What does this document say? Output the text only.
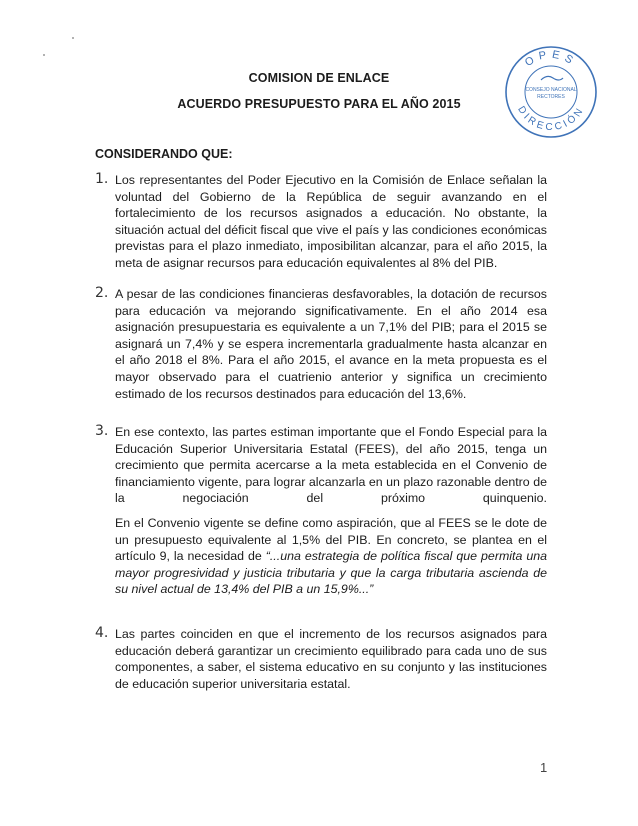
OPES
DIRECCIÓN
CONSEJO NACIONAL
RECTORES
COMISION DE ENLACE
ACUERDO PRESUPUESTO PARA EL AÑO 2015
CONSIDERANDO QUE:
1. Los representantes del Poder Ejecutivo en la Comisión de Enlace señalan la voluntad del Gobierno de la República de seguir avanzando en el fortalecimiento de los recursos asignados a educación. No obstante, la situación actual del déficit fiscal que vive el país y las condiciones económicas previstas para el plazo inmediato, imposibilitan alcanzar, para el año 2015, la meta de asignar recursos para educación equivalentes al 8% del PIB.
2. A pesar de las condiciones financieras desfavorables, la dotación de recursos para educación va mejorando significativamente. En el año 2014 esa asignación presupuestaria es equivalente a un 7,1% del PIB; para el 2015 se asignará un 7,4% y se espera incrementarla gradualmente hasta alcanzar en el año 2018 el 8%. Para el año 2015, el avance en la meta propuesta es el mayor observado para el cuatrienio anterior y significa un crecimiento estimado de los recursos destinados para educación del 13,6%.
3. En ese contexto, las partes estiman importante que el Fondo Especial para la Educación Superior Universitaria Estatal (FEES), del año 2015, tenga un crecimiento que permita acercarse a la meta establecida en el Convenio de financiamiento vigente, para lograr alcanzarla en un plazo razonable dentro de la negociación del próximo quinquenio.
En el Convenio vigente se define como aspiración, que al FEES se le dote de un presupuesto equivalente al 1,5% del PIB. En concreto, se plantea en el artículo 9, la necesidad de “...una estrategia de política fiscal que permita una mayor progresividad y justicia tributaria y que la carga tributaria ascienda de su nivel actual de 13,4% del PIB a un 15,9%...”
4. Las partes coinciden en que el incremento de los recursos asignados para educación deberá garantizar un crecimiento equilibrado para cada uno de sus componentes, a saber, el sistema educativo en su conjunto y las instituciones de educación superior universitaria estatal.
1
